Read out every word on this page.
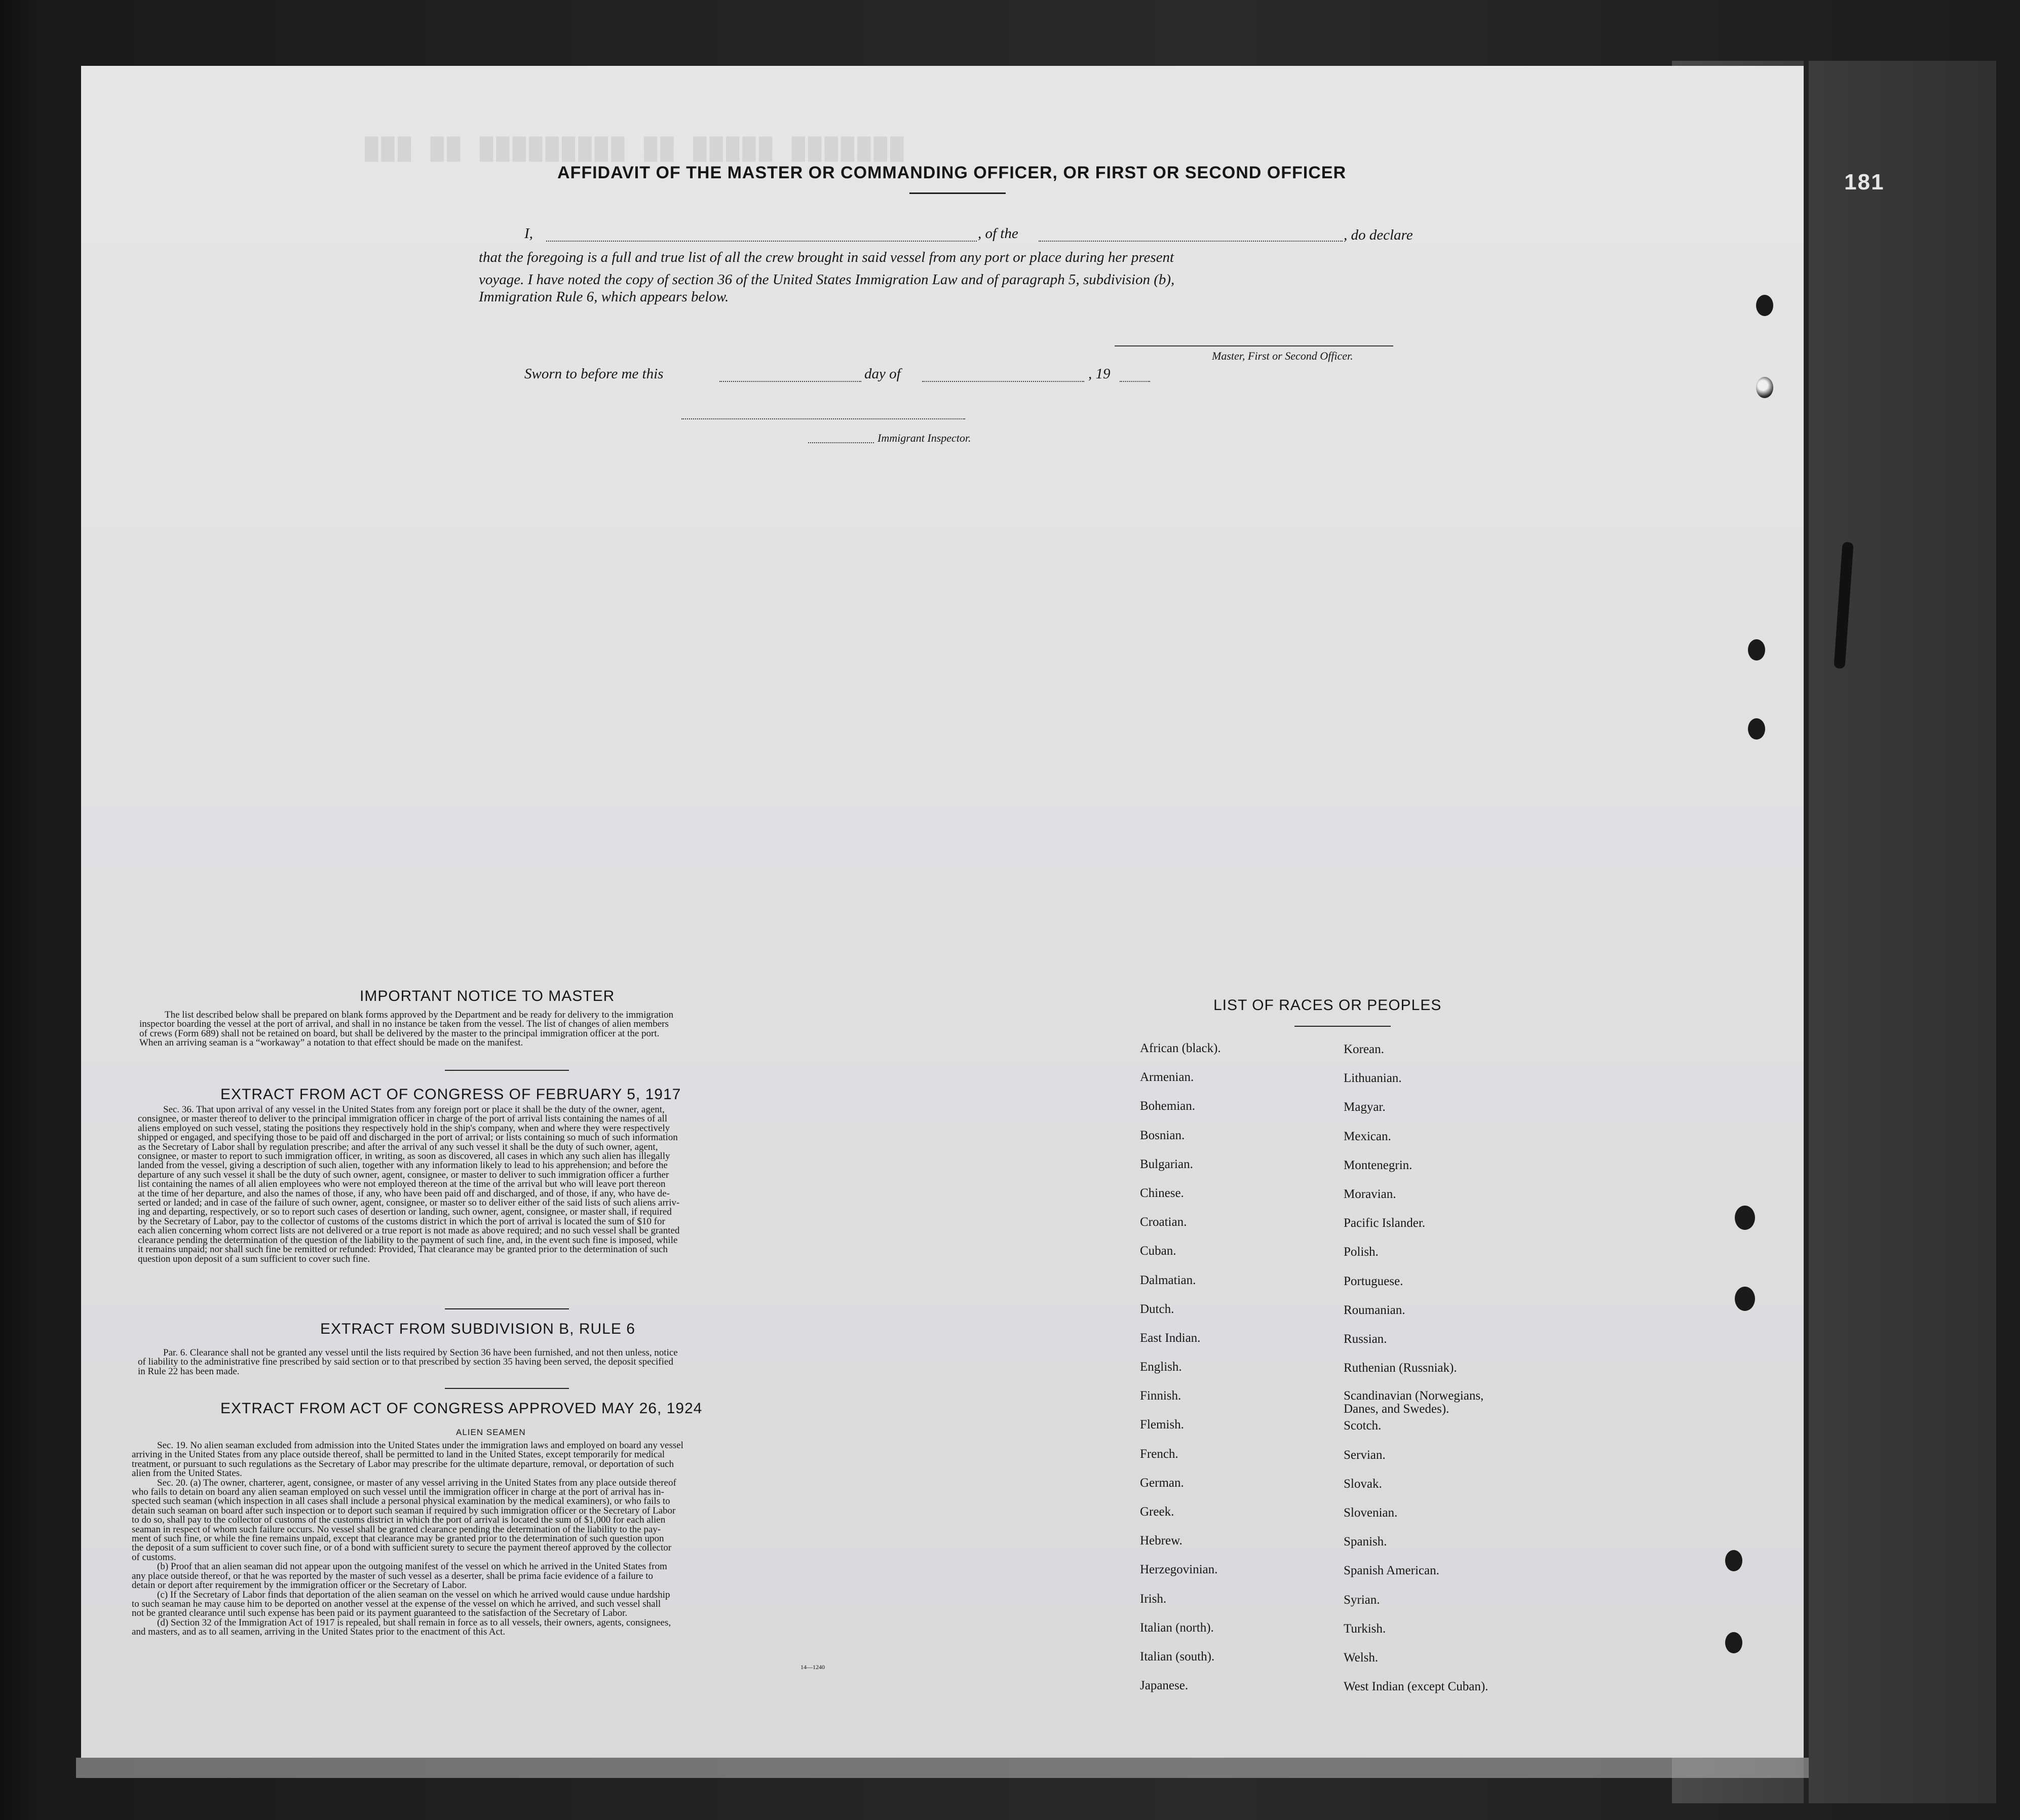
181
███ ██ █████████ ██ █████ ███████
AFFIDAVIT OF THE MASTER OR COMMANDING OFFICER, OR FIRST OR SECOND OFFICER
I,	, of the	, do declare
that the foregoing is a full and true list of all the crew brought in said vessel from any port or place during her present
voyage. I have noted the copy of section 36 of the United States Immigration Law and of paragraph 5, subdivision (b),
Immigration Rule 6, which appears below.
Master, First or Second Officer.
Sworn to before me this	day of	, 19
Immigrant Inspector.
IMPORTANT NOTICE TO MASTER
The list described below shall be prepared on blank forms approved by the Department and be ready for delivery to the immigration
inspector boarding the vessel at the port of arrival, and shall in no instance be taken from the vessel. The list of changes of alien members
of crews (Form 689) shall not be retained on board, but shall be delivered by the master to the principal immigration officer at the port.
When an arriving seaman is a “workaway” a notation to that effect should be made on the manifest.
EXTRACT FROM ACT OF CONGRESS OF FEBRUARY 5, 1917
Sec. 36. That upon arrival of any vessel in the United States from any foreign port or place it shall be the duty of the owner, agent,
consignee, or master thereof to deliver to the principal immigration officer in charge of the port of arrival lists containing the names of all
aliens employed on such vessel, stating the positions they respectively hold in the ship's company, when and where they were respectively
shipped or engaged, and specifying those to be paid off and discharged in the port of arrival; or lists containing so much of such information
as the Secretary of Labor shall by regulation prescribe; and after the arrival of any such vessel it shall be the duty of such owner, agent,
consignee, or master to report to such immigration officer, in writing, as soon as discovered, all cases in which any such alien has illegally
landed from the vessel, giving a description of such alien, together with any information likely to lead to his apprehension; and before the
departure of any such vessel it shall be the duty of such owner, agent, consignee, or master to deliver to such immigration officer a further
list containing the names of all alien employees who were not employed thereon at the time of the arrival but who will leave port thereon
at the time of her departure, and also the names of those, if any, who have been paid off and discharged, and of those, if any, who have de-
serted or landed; and in case of the failure of such owner, agent, consignee, or master so to deliver either of the said lists of such aliens arriv-
ing and departing, respectively, or so to report such cases of desertion or landing, such owner, agent, consignee, or master shall, if required
by the Secretary of Labor, pay to the collector of customs of the customs district in which the port of arrival is located the sum of $10 for
each alien concerning whom correct lists are not delivered or a true report is not made as above required; and no such vessel shall be granted
clearance pending the determination of the question of the liability to the payment of such fine, and, in the event such fine is imposed, while
it remains unpaid; nor shall such fine be remitted or refunded: Provided, That clearance may be granted prior to the determination of such
question upon deposit of a sum sufficient to cover such fine.
EXTRACT FROM SUBDIVISION B, RULE 6
Par. 6. Clearance shall not be granted any vessel until the lists required by Section 36 have been furnished, and not then unless, notice
of liability to the administrative fine prescribed by said section or to that prescribed by section 35 having been served, the deposit specified
in Rule 22 has been made.
EXTRACT FROM ACT OF CONGRESS APPROVED MAY 26, 1924
ALIEN SEAMEN
Sec. 19. No alien seaman excluded from admission into the United States under the immigration laws and employed on board any vessel
arriving in the United States from any place outside thereof, shall be permitted to land in the United States, except temporarily for medical
treatment, or pursuant to such regulations as the Secretary of Labor may prescribe for the ultimate departure, removal, or deportation of such
alien from the United States.
Sec. 20. (a) The owner, charterer, agent, consignee, or master of any vessel arriving in the United States from any place outside thereof
who fails to detain on board any alien seaman employed on such vessel until the immigration officer in charge at the port of arrival has in-
spected such seaman (which inspection in all cases shall include a personal physical examination by the medical examiners), or who fails to
detain such seaman on board after such inspection or to deport such seaman if required by such immigration officer or the Secretary of Labor
to do so, shall pay to the collector of customs of the customs district in which the port of arrival is located the sum of $1,000 for each alien
seaman in respect of whom such failure occurs. No vessel shall be granted clearance pending the determination of the liability to the pay-
ment of such fine, or while the fine remains unpaid, except that clearance may be granted prior to the determination of such question upon
the deposit of a sum sufficient to cover such fine, or of a bond with sufficient surety to secure the payment thereof approved by the collector
of customs.
(b) Proof that an alien seaman did not appear upon the outgoing manifest of the vessel on which he arrived in the United States from
any place outside thereof, or that he was reported by the master of such vessel as a deserter, shall be prima facie evidence of a failure to
detain or deport after requirement by the immigration officer or the Secretary of Labor.
(c) If the Secretary of Labor finds that deportation of the alien seaman on the vessel on which he arrived would cause undue hardship
to such seaman he may cause him to be deported on another vessel at the expense of the vessel on which he arrived, and such vessel shall
not be granted clearance until such expense has been paid or its payment guaranteed to the satisfaction of the Secretary of Labor.
(d) Section 32 of the Immigration Act of 1917 is repealed, but shall remain in force as to all vessels, their owners, agents, consignees,
and masters, and as to all seamen, arriving in the United States prior to the enactment of this Act.
14—1240
LIST OF RACES OR PEOPLES
African (black).
Armenian.
Bohemian.
Bosnian.
Bulgarian.
Chinese.
Croatian.
Cuban.
Dalmatian.
Dutch.
East Indian.
English.
Finnish.
Flemish.
French.
German.
Greek.
Hebrew.
Herzegovinian.
Irish.
Italian (north).
Italian (south).
Japanese.
Korean.
Lithuanian.
Magyar.
Mexican.
Montenegrin.
Moravian.
Pacific Islander.
Polish.
Portuguese.
Roumanian.
Russian.
Ruthenian (Russniak).
Scandinavian (Norwegians, Danes, and Swedes).
Scotch.
Servian.
Slovak.
Slovenian.
Spanish.
Spanish American.
Syrian.
Turkish.
Welsh.
West Indian (except Cuban).
